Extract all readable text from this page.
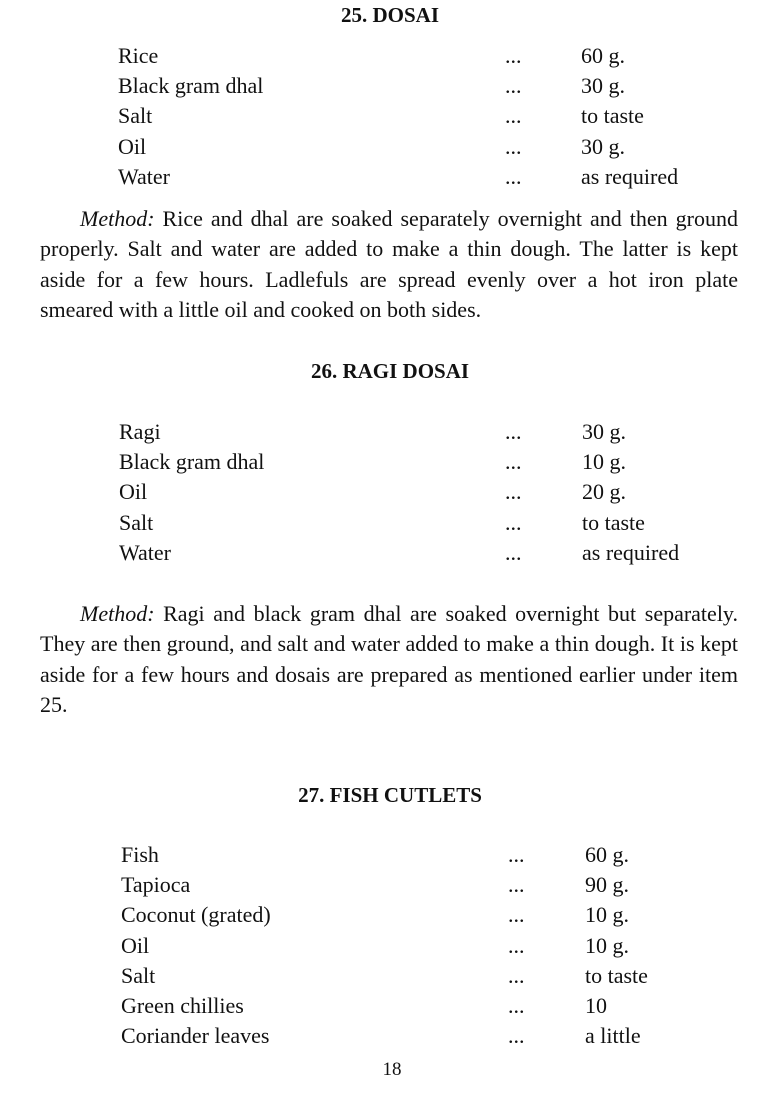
25. DOSAI
Rice	...	60 g.
Black gram dhal	...	30 g.
Salt	...	to taste
Oil	...	30 g.
Water	...	as required
Method: Rice and dhal are soaked separately overnight and then ground properly. Salt and water are added to make a thin dough. The latter is kept aside for a few hours. Ladlefuls are spread evenly over a hot iron plate smeared with a little oil and cooked on both sides.
26. RAGI DOSAI
Ragi	...	30 g.
Black gram dhal	...	10 g.
Oil	...	20 g.
Salt	...	to taste
Water	...	as required
Method: Ragi and black gram dhal are soaked overnight but separately. They are then ground, and salt and water added to make a thin dough. It is kept aside for a few hours and dosais are prepared as mentioned earlier under item 25.
27. FISH CUTLETS
Fish	...	60 g.
Tapioca	...	90 g.
Coconut (grated)	...	10 g.
Oil	...	10 g.
Salt	...	to taste
Green chillies	...	10
Coriander leaves	...	a little
18
